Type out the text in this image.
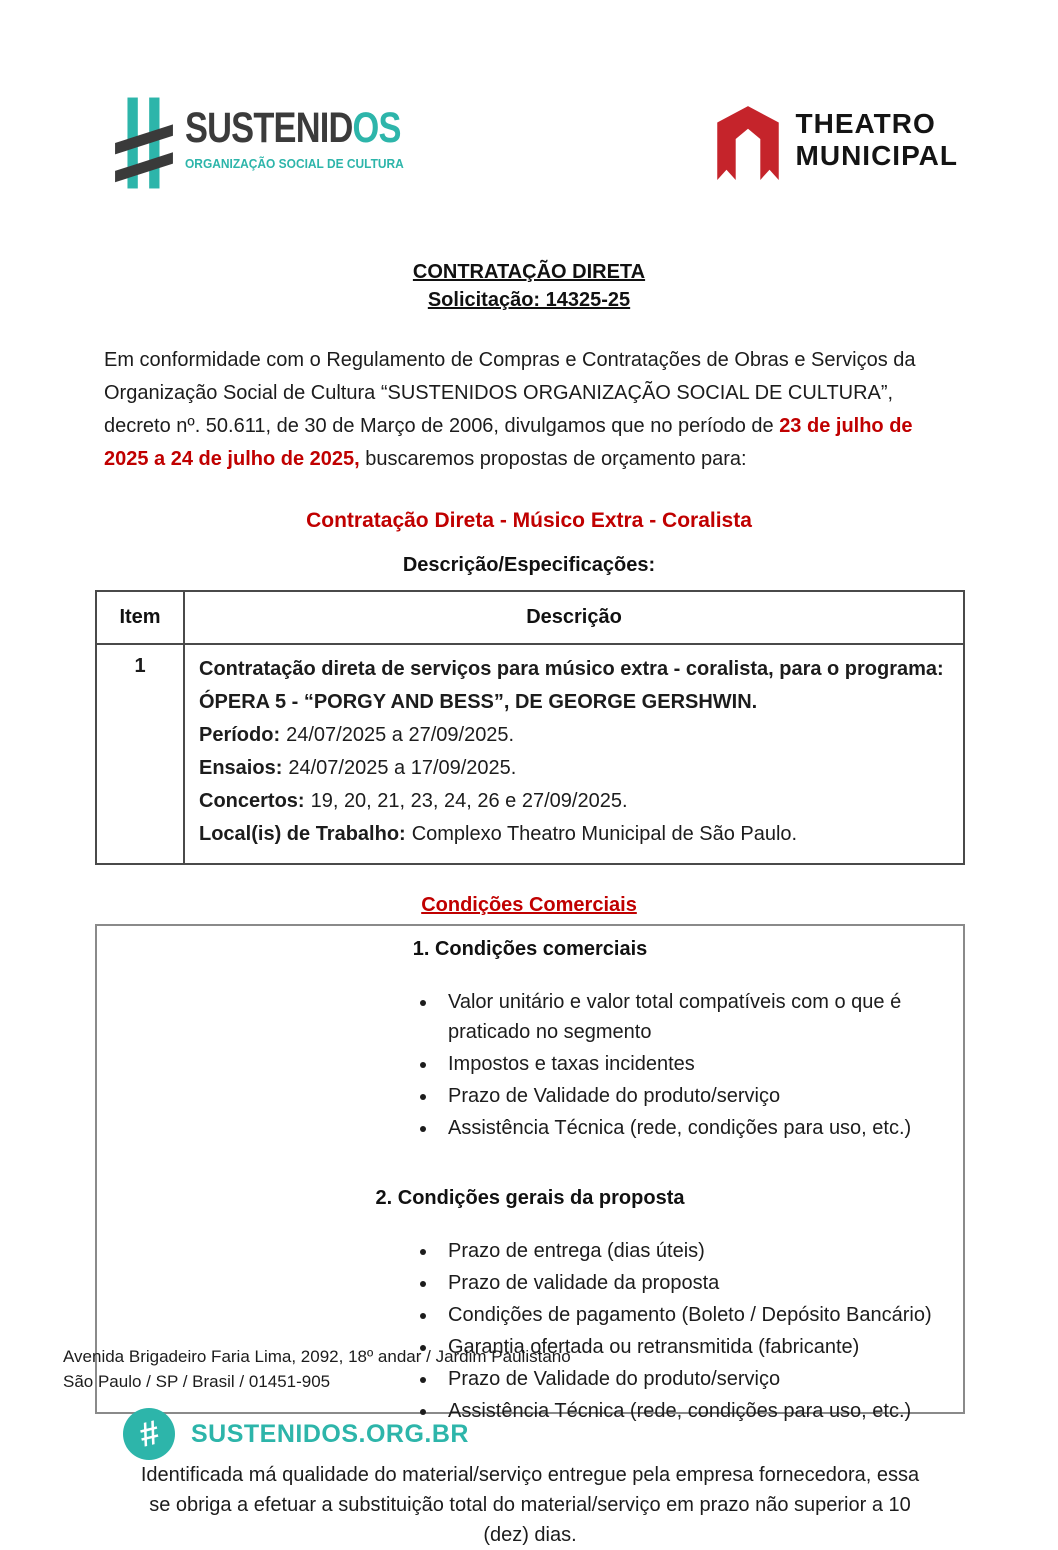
SUSTENIDOS
ORGANIZAÇÃO SOCIAL DE CULTURA
THEATRO
MUNICIPAL
CONTRATAÇÃO DIRETA
Solicitação: 14325-25

Em conformidade com o Regulamento de Compras e Contratações de Obras e Serviços da Organização Social de Cultura “SUSTENIDOS ORGANIZAÇÃO SOCIAL DE CULTURA”, decreto nº. 50.611, de 30 de Março de 2006, divulgamos que no período de 23 de julho de 2025 a 24 de julho de 2025, buscaremos propostas de orçamento para:

Contratação Direta - Músico Extra - Coralista
Descrição/Especificações:
Item	Descrição
1	Contratação direta de serviços para músico extra - coralista, para o programa: ÓPERA 5 - “PORGY AND BESS”, DE GEORGE GERSHWIN.
Período: 24/07/2025 a 27/09/2025.
Ensaios: 24/07/2025 a 17/09/2025.
Concertos: 19, 20, 21, 23, 24, 26 e 27/09/2025.
Local(is) de Trabalho: Complexo Theatro Municipal de São Paulo.
Condições Comerciais
1. Condições comerciais
• Valor unitário e valor total compatíveis com o que é praticado no segmento
• Impostos e taxas incidentes
• Prazo de Validade do produto/serviço
• Assistência Técnica (rede, condições para uso, etc.)
2. Condições gerais da proposta
• Prazo de entrega (dias úteis)
• Prazo de validade da proposta
• Condições de pagamento (Boleto / Depósito Bancário)
• Garantia ofertada ou retransmitida (fabricante)
• Prazo de Validade do produto/serviço
• Assistência Técnica (rede, condições para uso, etc.)

Identificada má qualidade do material/serviço entregue pela empresa fornecedora, essa se obriga a efetuar a substituição total do material/serviço em prazo não superior a 10 (dez) dias.

Avenida Brigadeiro Faria Lima, 2092, 18º andar / Jardim Paulistano
São Paulo / SP / Brasil / 01451-905
# SUSTENIDOS.ORG.BR
